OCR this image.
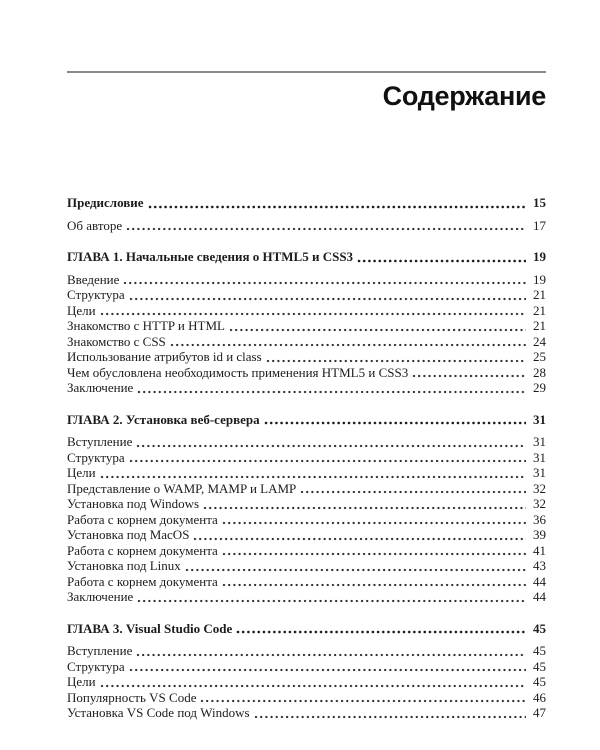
Содержание
Предисловие	15
Об авторе	17
ГЛАВА 1. Начальные сведения о HTML5 и CSS3	19
Введение	19
Структура	21
Цели	21
Знакомство с HTTP и HTML	21
Знакомство с CSS	24
Использование атрибутов id и class	25
Чем обусловлена необходимость применения HTML5 и CSS3	28
Заключение	29
ГЛАВА 2. Установка веб-сервера	31
Вступление	31
Структура	31
Цели	31
Представление о WAMP, MAMP и LAMP	32
Установка под Windows	32
Работа с корнем документа	36
Установка под MacOS	39
Работа с корнем документа	41
Установка под Linux	43
Работа с корнем документа	44
Заключение	44
ГЛАВА 3. Visual Studio Code	45
Вступление	45
Структура	45
Цели	45
Популярность VS Code	46
Установка VS Code под Windows	47
